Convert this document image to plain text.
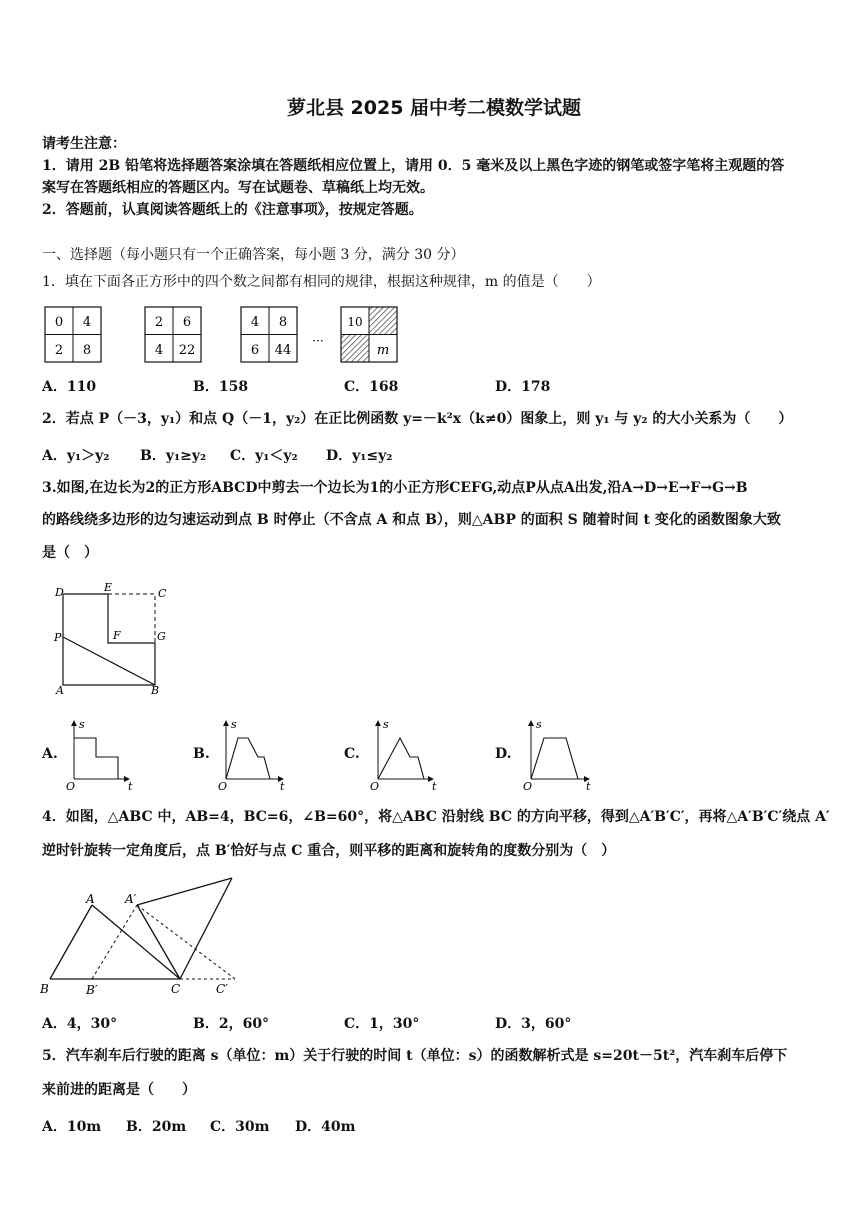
萝北县 2025 届中考二模数学试题
请考生注意：
1．请用 2B 铅笔将选择题答案涂填在答题纸相应位置上，请用 0．5 毫米及以上黑色字迹的钢笔或签字笔将主观题的答
案写在答题纸相应的答题区内。写在试题卷、草稿纸上均无效。
2．答题前，认真阅读答题纸上的《注意事项》，按规定答题。
一、选择题（每小题只有一个正确答案，每小题 3 分，满分 30 分）
1．填在下面各正方形中的四个数之间都有相同的规律，根据这种规律，m 的值是（　　）
0 4
2 8
2 6
4 22
4 8
6 44
···
10
m
A．110	B．158	C．168	D．178
2．若点 P（－3，y₁）和点 Q（－1，y₂）在正比例函数 y=－k²x（k≠0）图象上，则 y₁ 与 y₂ 的大小关系为（　　）
A．y₁＞y₂ B．y₁≥y₂ C．y₁＜y₂ D．y₁≤y₂
3.如图,在边长为2的正方形ABCD中剪去一个边长为1的小正方形CEFG,动点P从点A出发,沿A→D→E→F→G→B
的路线绕多边形的边匀速运动到点 B 时停止（不含点 A 和点 B），则△ABP 的面积 S 随着时间 t 变化的函数图象大致
是（　）
D	E	C
P	F	G
A	B
s
O	t
s
O	t
s
O	t
s
O	t
A	A′
B	B′	C	C′
A.	B.	C.	D.
4．如图，△ABC 中，AB=4，BC=6，∠B=60°，将△ABC 沿射线 BC 的方向平移，得到△A′B′C′，再将△A′B′C′绕点 A′
逆时针旋转一定角度后，点 B′恰好与点 C 重合，则平移的距离和旋转角的度数分别为（　）
A．4，30°	B．2，60°	C．1，30°	D．3，60°
5．汽车刹车后行驶的距离 s（单位：m）关于行驶的时间 t（单位：s）的函数解析式是 s=20t－5t²，汽车刹车后停下
来前进的距离是（　　）
A．10m B．20m C．30m D．40m
